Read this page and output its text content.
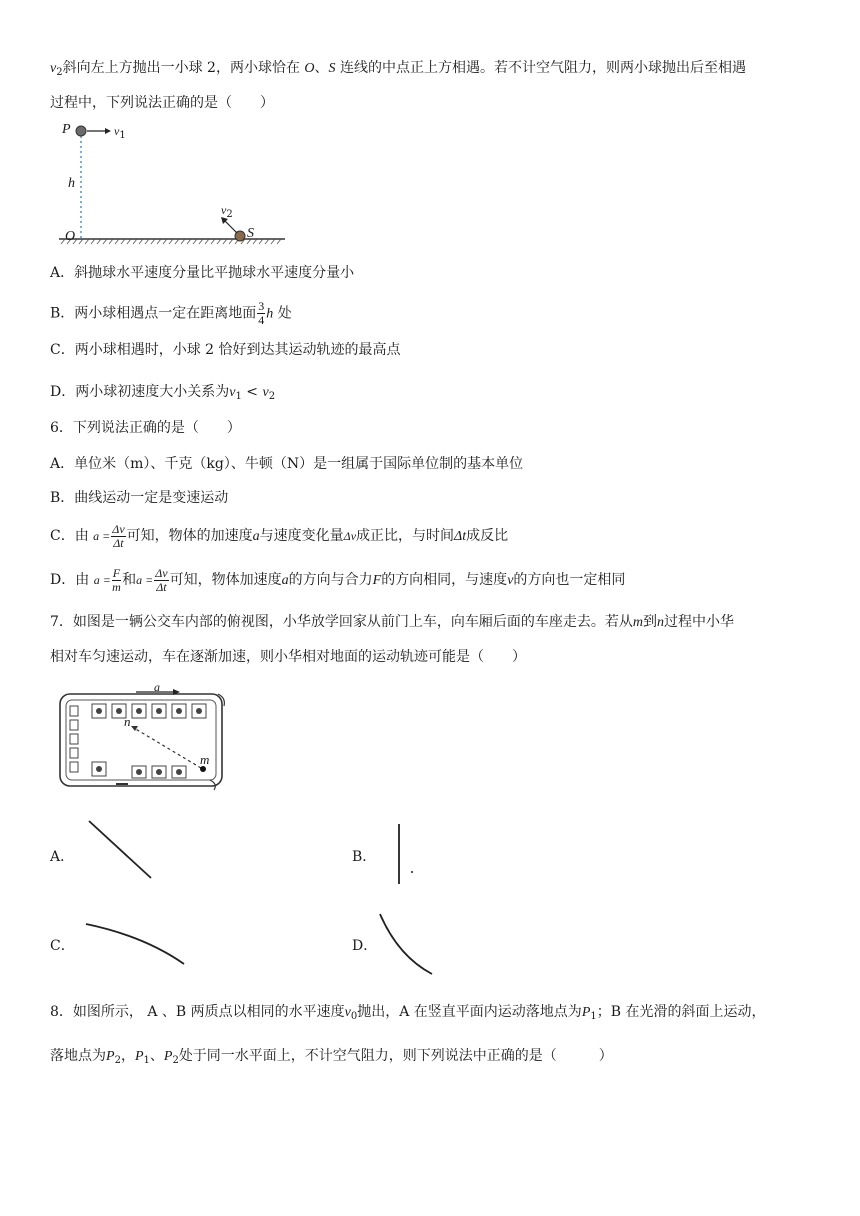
$v_2$斜向左上方抛出一小球 2，两小球恰在 O、S 连线的中点正上方相遇。若不计空气阻力，则两小球抛出后至相遇
过程中，下列说法正确的是（　　）
P	$v_1$
h
$v_2$
O	S
A．斜抛球水平速度分量比平抛球水平速度分量小
B．两小球相遇点一定在距离地面 $\frac{3}{4}$ h 处
C．两小球相遇时，小球 2 恰好到达其运动轨迹的最高点
D．两小球初速度大小关系为$v_1 < v_2$
6．下列说法正确的是（　　）
A．单位米（m）、千克（kg）、牛顿（N）是一组属于国际单位制的基本单位
B．曲线运动一定是变速运动
C．由 $a = \frac{\Delta v}{\Delta t}$ 可知，物体的加速度a与速度变化量Δv成正比，与时间Δt成反比
D．由 $a = \frac{F}{m}$ 和$a = \frac{\Delta v}{\Delta t}$ 可知，物体加速度a的方向与合力F的方向相同，与速度v的方向也一定相同
7．如图是一辆公交车内部的俯视图，小华放学回家从前门上车，向车厢后面的车座走去。若从m到n过程中小华
相对车匀速运动，车在逐渐加速，则小华相对地面的运动轨迹可能是（　　）
a
n
m
A．	B．
C．	D．
8．如图所示， A 、B 两质点以相同的水平速度$v_0$抛出，A 在竖直平面内运动落地点为$P_1$；B 在光滑的斜面上运动，
落地点为$P_2$，$P_1$、$P_2$处于同一水平面上，不计空气阻力，则下列说法中正确的是（　　　）
